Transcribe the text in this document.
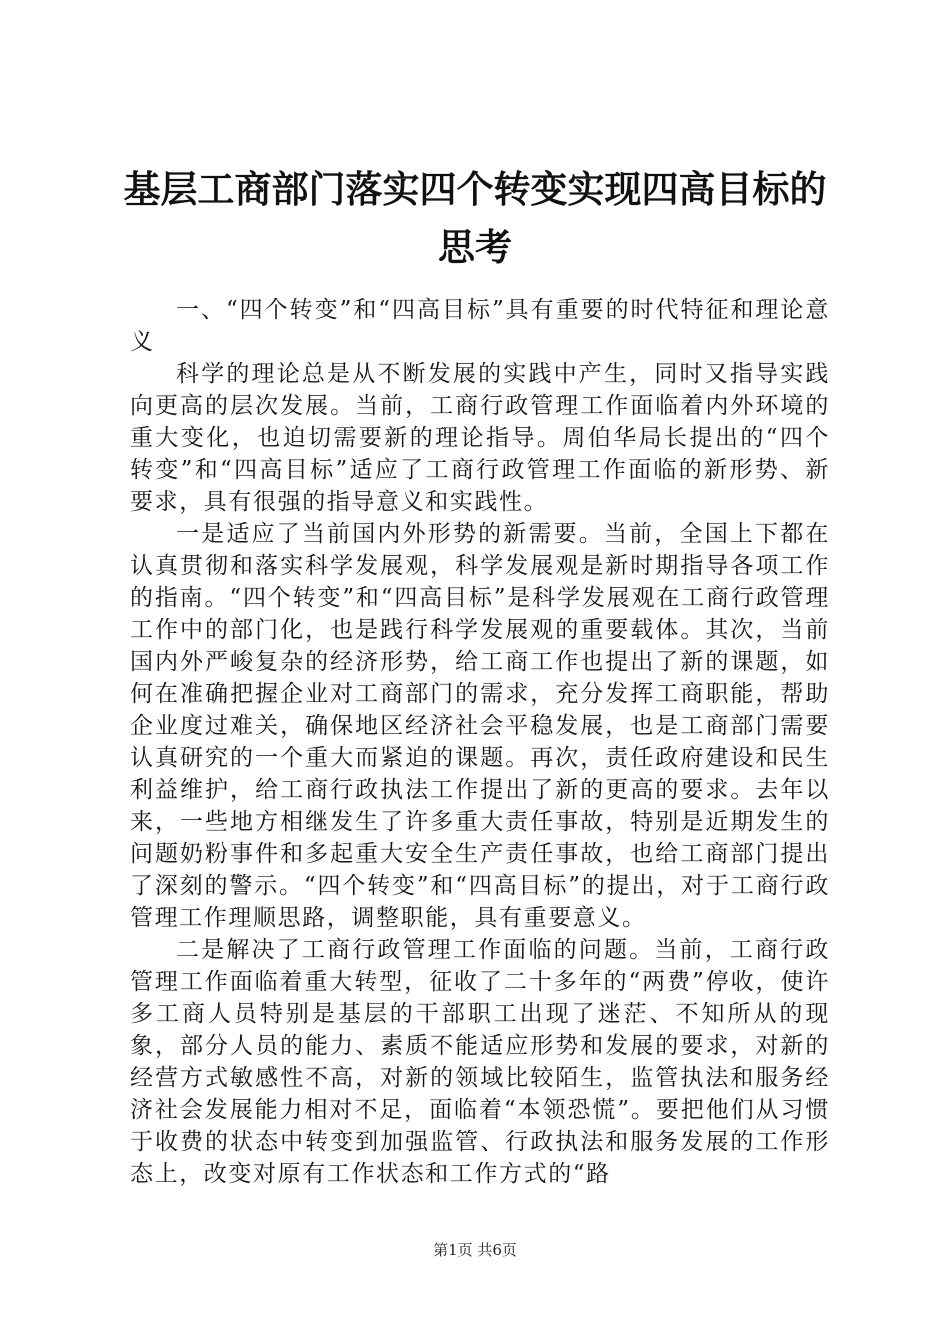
基层工商部门落实四个转变实现四高目标的思考

一、“四个转变”和“四高目标”具有重要的时代特征和理论意义

科学的理论总是从不断发展的实践中产生，同时又指导实践向更高的层次发展。当前，工商行政管理工作面临着内外环境的重大变化，也迫切需要新的理论指导。周伯华局长提出的“四个转变”和“四高目标”适应了工商行政管理工作面临的新形势、新要求，具有很强的指导意义和实践性。

一是适应了当前国内外形势的新需要。当前，全国上下都在认真贯彻和落实科学发展观，科学发展观是新时期指导各项工作的指南。“四个转变”和“四高目标”是科学发展观在工商行政管理工作中的部门化，也是践行科学发展观的重要载体。其次，当前国内外严峻复杂的经济形势，给工商工作也提出了新的课题，如何在准确把握企业对工商部门的需求，充分发挥工商职能，帮助企业度过难关，确保地区经济社会平稳发展，也是工商部门需要认真研究的一个重大而紧迫的课题。再次，责任政府建设和民生利益维护，给工商行政执法工作提出了新的更高的要求。去年以来，一些地方相继发生了许多重大责任事故，特别是近期发生的问题奶粉事件和多起重大安全生产责任事故，也给工商部门提出了深刻的警示。“四个转变”和“四高目标”的提出，对于工商行政管理工作理顺思路，调整职能，具有重要意义。

二是解决了工商行政管理工作面临的问题。当前，工商行政管理工作面临着重大转型，征收了二十多年的“两费”停收，使许多工商人员特别是基层的干部职工出现了迷茫、不知所从的现象，部分人员的能力、素质不能适应形势和发展的要求，对新的经营方式敏感性不高，对新的领域比较陌生，监管执法和服务经济社会发展能力相对不足，面临着“本领恐慌”。要把他们从习惯于收费的状态中转变到加强监管、行政执法和服务发展的工作形态上，改变对原有工作状态和工作方式的“路

第1页 共6页
